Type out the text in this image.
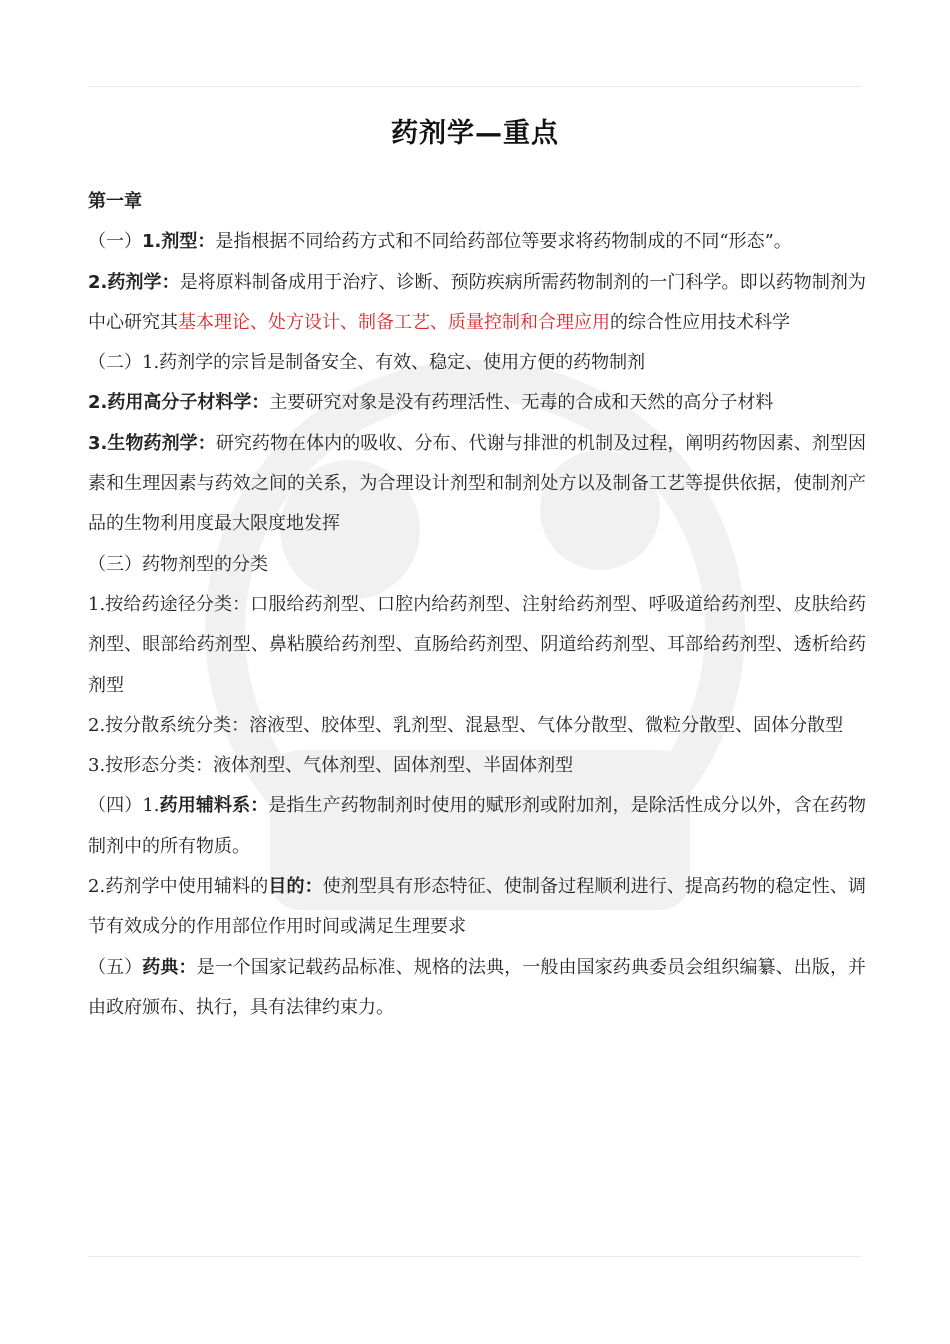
药剂学—重点

第一章

（一）1.剂型：是指根据不同给药方式和不同给药部位等要求将药物制成的不同“形态”。

2.药剂学：是将原料制备成用于治疗、诊断、预防疾病所需药物制剂的一门科学。即以药物制剂为中心研究其基本理论、处方设计、制备工艺、质量控制和合理应用的综合性应用技术科学

（二）1.药剂学的宗旨是制备安全、有效、稳定、使用方便的药物制剂

2.药用高分子材料学：主要研究对象是没有药理活性、无毒的合成和天然的高分子材料

3.生物药剂学：研究药物在体内的吸收、分布、代谢与排泄的机制及过程，阐明药物因素、剂型因素和生理因素与药效之间的关系，为合理设计剂型和制剂处方以及制备工艺等提供依据，使制剂产品的生物利用度最大限度地发挥

（三）药物剂型的分类

1.按给药途径分类：口服给药剂型、口腔内给药剂型、注射给药剂型、呼吸道给药剂型、皮肤给药剂型、眼部给药剂型、鼻粘膜给药剂型、直肠给药剂型、阴道给药剂型、耳部给药剂型、透析给药剂型

2.按分散系统分类：溶液型、胶体型、乳剂型、混悬型、气体分散型、微粒分散型、固体分散型

3.按形态分类：液体剂型、气体剂型、固体剂型、半固体剂型

（四）1.药用辅料系：是指生产药物制剂时使用的赋形剂或附加剂，是除活性成分以外，含在药物制剂中的所有物质。

2.药剂学中使用辅料的目的：使剂型具有形态特征、使制备过程顺利进行、提高药物的稳定性、调节有效成分的作用部位作用时间或满足生理要求

（五）药典：是一个国家记载药品标准、规格的法典，一般由国家药典委员会组织编纂、出版，并由政府颁布、执行，具有法律约束力。
